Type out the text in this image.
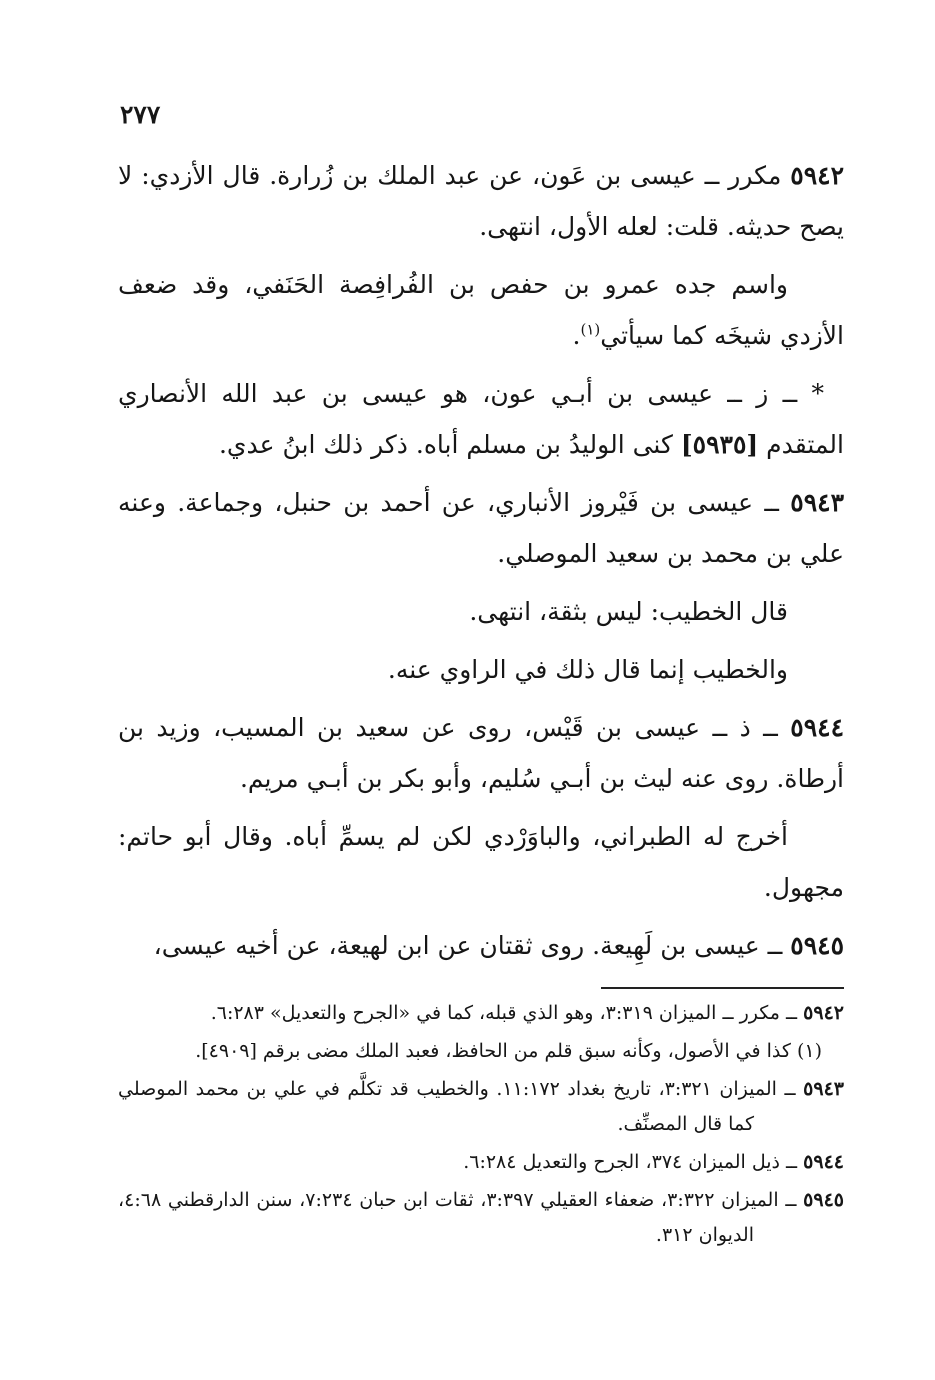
٢٧٧

٥٩٤٢ مكرر ــ عيسى بن عَون، عن عبد الملك بن زُرارة. قال الأزدي: لا يصح حديثه. قلت: لعله الأول، انتهى.

واسم جده عمرو بن حفص بن الفُرافِصة الحَنَفي، وقد ضعف الأزدي شيخَه كما سيأتي$^{(١)}$.

* ــ ز ــ عيسى بن أبـي عون، هو عيسى بن عبد الله الأنصاري المتقدم [٥٩٣٥] كنى الوليدُ بن مسلم أباه. ذكر ذلك ابنُ عدي.

٥٩٤٣ ــ عيسى بن فَيْروز الأنباري، عن أحمد بن حنبل، وجماعة. وعنه علي بن محمد بن سعيد الموصلي.

قال الخطيب: ليس بثقة، انتهى.

والخطيب إنما قال ذلك في الراوي عنه.

٥٩٤٤ ــ ذ ــ عيسى بن قَيْس، روى عن سعيد بن المسيب، وزيد بن أرطاة. روى عنه ليث بن أبـي سُليم، وأبو بكر بن أبـي مريم.

أخرج له الطبراني، والباوَرْدي لكن لم يسمِّ أباه. وقال أبو حاتم: مجهول.

٥٩٤٥ ــ عيسى بن لَهِيعة. روى ثقتان عن ابن لهيعة، عن أخيه عيسى،

٥٩٤٢ ــ مكرر ــ الميزان ٣:٣١٩، وهو الذي قبله، كما في «الجرح والتعديل» ٦:٢٨٣.

(١) كذا في الأصول، وكأنه سبق قلم من الحافظ، فعبد الملك مضى برقم [٤٩٠٩].

٥٩٤٣ ــ الميزان ٣:٣٢١، تاريخ بغداد ١١:١٧٢. والخطيب قد تكلَّم في علي بن محمد الموصلي كما قال المصنِّف.

٥٩٤٤ ــ ذيل الميزان ٣٧٤، الجرح والتعديل ٦:٢٨٤.

٥٩٤٥ ــ الميزان ٣:٣٢٢، ضعفاء العقيلي ٣:٣٩٧، ثقات ابن حبان ٧:٢٣٤، سنن الدارقطني ٤:٦٨، الديوان ٣١٢.
